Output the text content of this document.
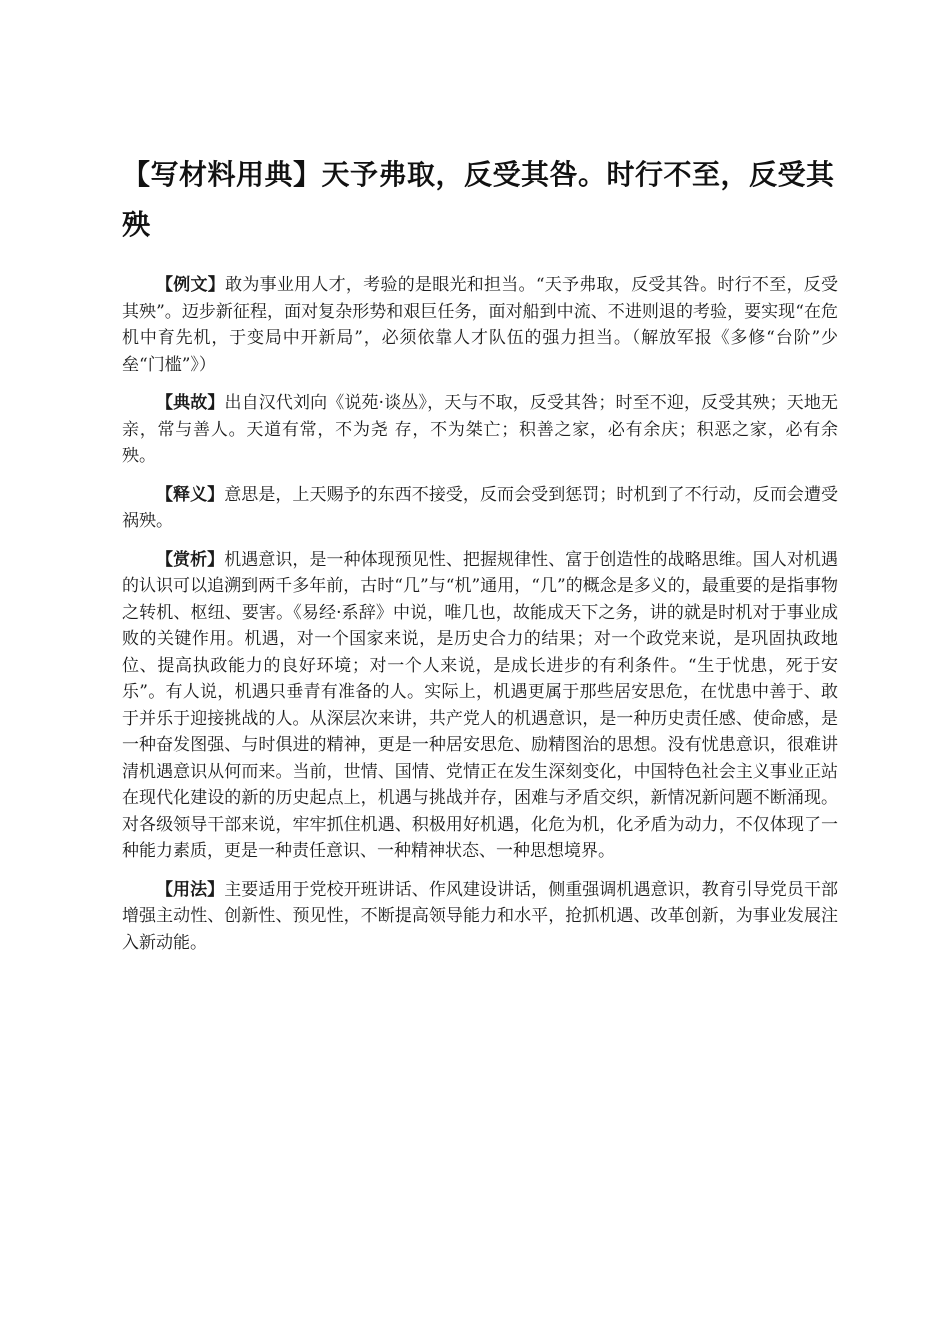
【写材料用典】天予弗取，反受其咎。时行不至，反受其殃

【例文】敢为事业用人才，考验的是眼光和担当。“天予弗取，反受其咎。时行不至，反受其殃”。迈步新征程，面对复杂形势和艰巨任务，面对船到中流、不进则退的考验，要实现“在危机中育先机，于变局中开新局”，必须依靠人才队伍的强力担当。（解放军报《多修“台阶”少垒“门槛”》）

【典故】出自汉代刘向《说苑·谈丛》，天与不取，反受其咎；时至不迎，反受其殃；天地无亲，常与善人。天道有常，不为尧 存，不为桀亡；积善之家，必有余庆；积恶之家，必有余殃。

【释义】意思是，上天赐予的东西不接受，反而会受到惩罚；时机到了不行动，反而会遭受祸殃。

【赏析】机遇意识，是一种体现预见性、把握规律性、富于创造性的战略思维。国人对机遇的认识可以追溯到两千多年前，古时“几”与“机”通用，“几”的概念是多义的，最重要的是指事物之转机、枢纽、要害。《易经·系辞》中说，唯几也，故能成天下之务，讲的就是时机对于事业成败的关键作用。机遇，对一个国家来说，是历史合力的结果；对一个政党来说，是巩固执政地位、提高执政能力的良好环境；对一个人来说，是成长进步的有利条件。“生于忧患，死于安乐”。有人说，机遇只垂青有准备的人。实际上，机遇更属于那些居安思危，在忧患中善于、敢于并乐于迎接挑战的人。从深层次来讲，共产党人的机遇意识，是一种历史责任感、使命感，是一种奋发图强、与时俱进的精神，更是一种居安思危、励精图治的思想。没有忧患意识，很难讲清机遇意识从何而来。当前，世情、国情、党情正在发生深刻变化，中国特色社会主义事业正站在现代化建设的新的历史起点上，机遇与挑战并存，困难与矛盾交织，新情况新问题不断涌现。对各级领导干部来说，牢牢抓住机遇、积极用好机遇，化危为机，化矛盾为动力，不仅体现了一种能力素质，更是一种责任意识、一种精神状态、一种思想境界。

【用法】主要适用于党校开班讲话、作风建设讲话，侧重强调机遇意识，教育引导党员干部增强主动性、创新性、预见性，不断提高领导能力和水平，抢抓机遇、改革创新，为事业发展注入新动能。
